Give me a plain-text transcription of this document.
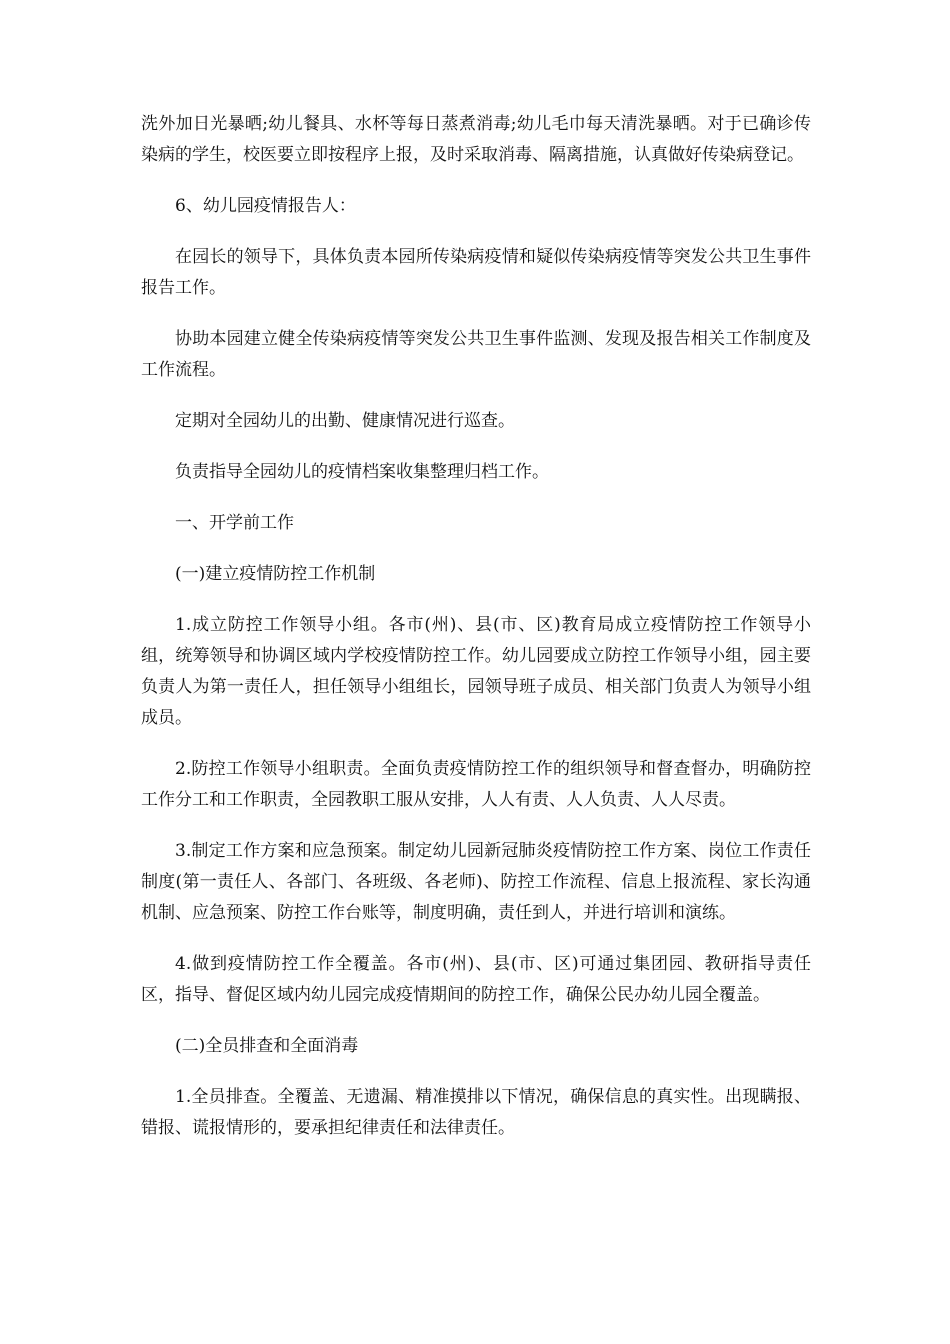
洗外加日光暴晒;幼儿餐具、水杯等每日蒸煮消毒;幼儿毛巾每天清洗暴晒。对于已确诊传染病的学生，校医要立即按程序上报，及时采取消毒、隔离措施，认真做好传染病登记。

6、幼儿园疫情报告人：

在园长的领导下，具体负责本园所传染病疫情和疑似传染病疫情等突发公共卫生事件报告工作。

协助本园建立健全传染病疫情等突发公共卫生事件监测、发现及报告相关工作制度及工作流程。

定期对全园幼儿的出勤、健康情况进行巡查。

负责指导全园幼儿的疫情档案收集整理归档工作。

一、开学前工作

(一)建立疫情防控工作机制

1.成立防控工作领导小组。各市(州)、县(市、区)教育局成立疫情防控工作领导小组，统筹领导和协调区域内学校疫情防控工作。幼儿园要成立防控工作领导小组，园主要负责人为第一责任人，担任领导小组组长，园领导班子成员、相关部门负责人为领导小组成员。

2.防控工作领导小组职责。全面负责疫情防控工作的组织领导和督查督办，明确防控工作分工和工作职责，全园教职工服从安排，人人有责、人人负责、人人尽责。

3.制定工作方案和应急预案。制定幼儿园新冠肺炎疫情防控工作方案、岗位工作责任制度(第一责任人、各部门、各班级、各老师)、防控工作流程、信息上报流程、家长沟通机制、应急预案、防控工作台账等，制度明确，责任到人，并进行培训和演练。

4.做到疫情防控工作全覆盖。各市(州)、县(市、区)可通过集团园、教研指导责任区，指导、督促区域内幼儿园完成疫情期间的防控工作，确保公民办幼儿园全覆盖。

(二)全员排查和全面消毒

1.全员排查。全覆盖、无遗漏、精准摸排以下情况，确保信息的真实性。出现瞒报、错报、谎报情形的，要承担纪律责任和法律责任。
